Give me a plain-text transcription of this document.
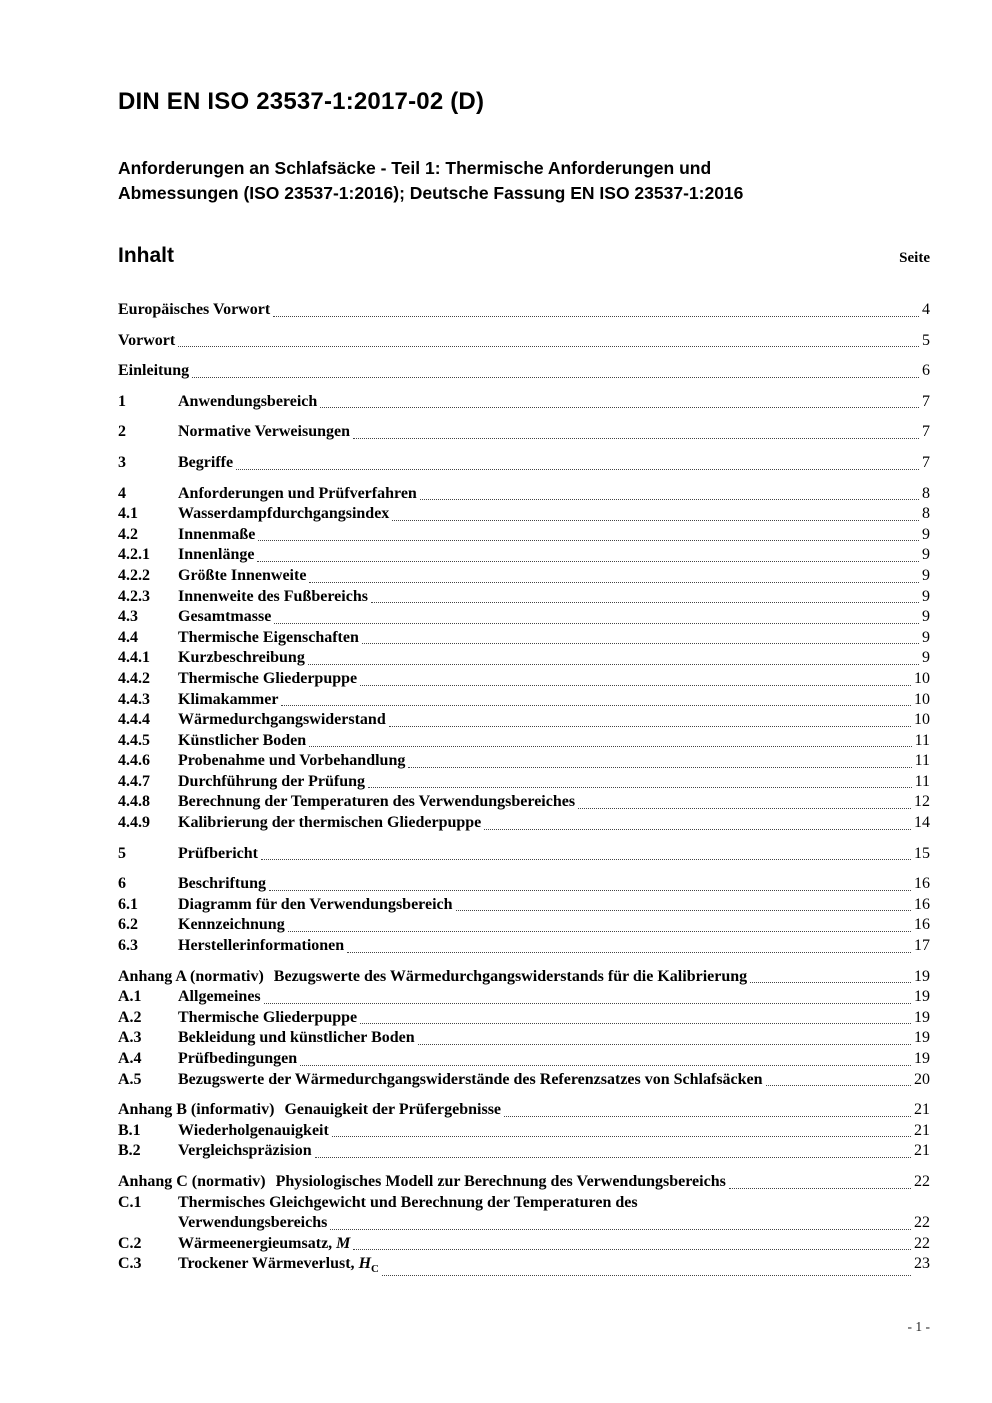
DIN EN ISO 23537-1:2017-02 (D)

Anforderungen an Schlafsäcke - Teil 1: Thermische Anforderungen und
Abmessungen (ISO 23537-1:2016); Deutsche Fassung EN ISO 23537-1:2016

Inhalt	Seite
Europäisches Vorwort	4
Vorwort	5
Einleitung	6
1	Anwendungsbereich	7
2	Normative Verweisungen	7
3	Begriffe	7
4	Anforderungen und Prüfverfahren	8
4.1	Wasserdampfdurchgangsindex	8
4.2	Innenmaße	9
4.2.1	Innenlänge	9
4.2.2	Größte Innenweite	9
4.2.3	Innenweite des Fußbereichs	9
4.3	Gesamtmasse	9
4.4	Thermische Eigenschaften	9
4.4.1	Kurzbeschreibung	9
4.4.2	Thermische Gliederpuppe	10
4.4.3	Klimakammer	10
4.4.4	Wärmedurchgangswiderstand	10
4.4.5	Künstlicher Boden	11
4.4.6	Probenahme und Vorbehandlung	11
4.4.7	Durchführung der Prüfung	11
4.4.8	Berechnung der Temperaturen des Verwendungsbereiches	12
4.4.9	Kalibrierung der thermischen Gliederpuppe	14
5	Prüfbericht	15
6	Beschriftung	16
6.1	Diagramm für den Verwendungsbereich	16
6.2	Kennzeichnung	16
6.3	Herstellerinformationen	17
Anhang A (normativ) Bezugswerte des Wärmedurchgangswiderstands für die Kalibrierung	19
A.1	Allgemeines	19
A.2	Thermische Gliederpuppe	19
A.3	Bekleidung und künstlicher Boden	19
A.4	Prüfbedingungen	19
A.5	Bezugswerte der Wärmedurchgangswiderstände des Referenzsatzes von Schlafsäcken	20
Anhang B (informativ) Genauigkeit der Prüfergebnisse	21
B.1	Wiederholgenauigkeit	21
B.2	Vergleichspräzision	21
Anhang C (normativ) Physiologisches Modell zur Berechnung des Verwendungsbereichs	22
C.1	Thermisches Gleichgewicht und Berechnung der Temperaturen des
Verwendungsbereichs	22
C.2	Wärmeenergieumsatz, M	22
C.3	Trockener Wärmeverlust, $H_C$	23
- 1 -
